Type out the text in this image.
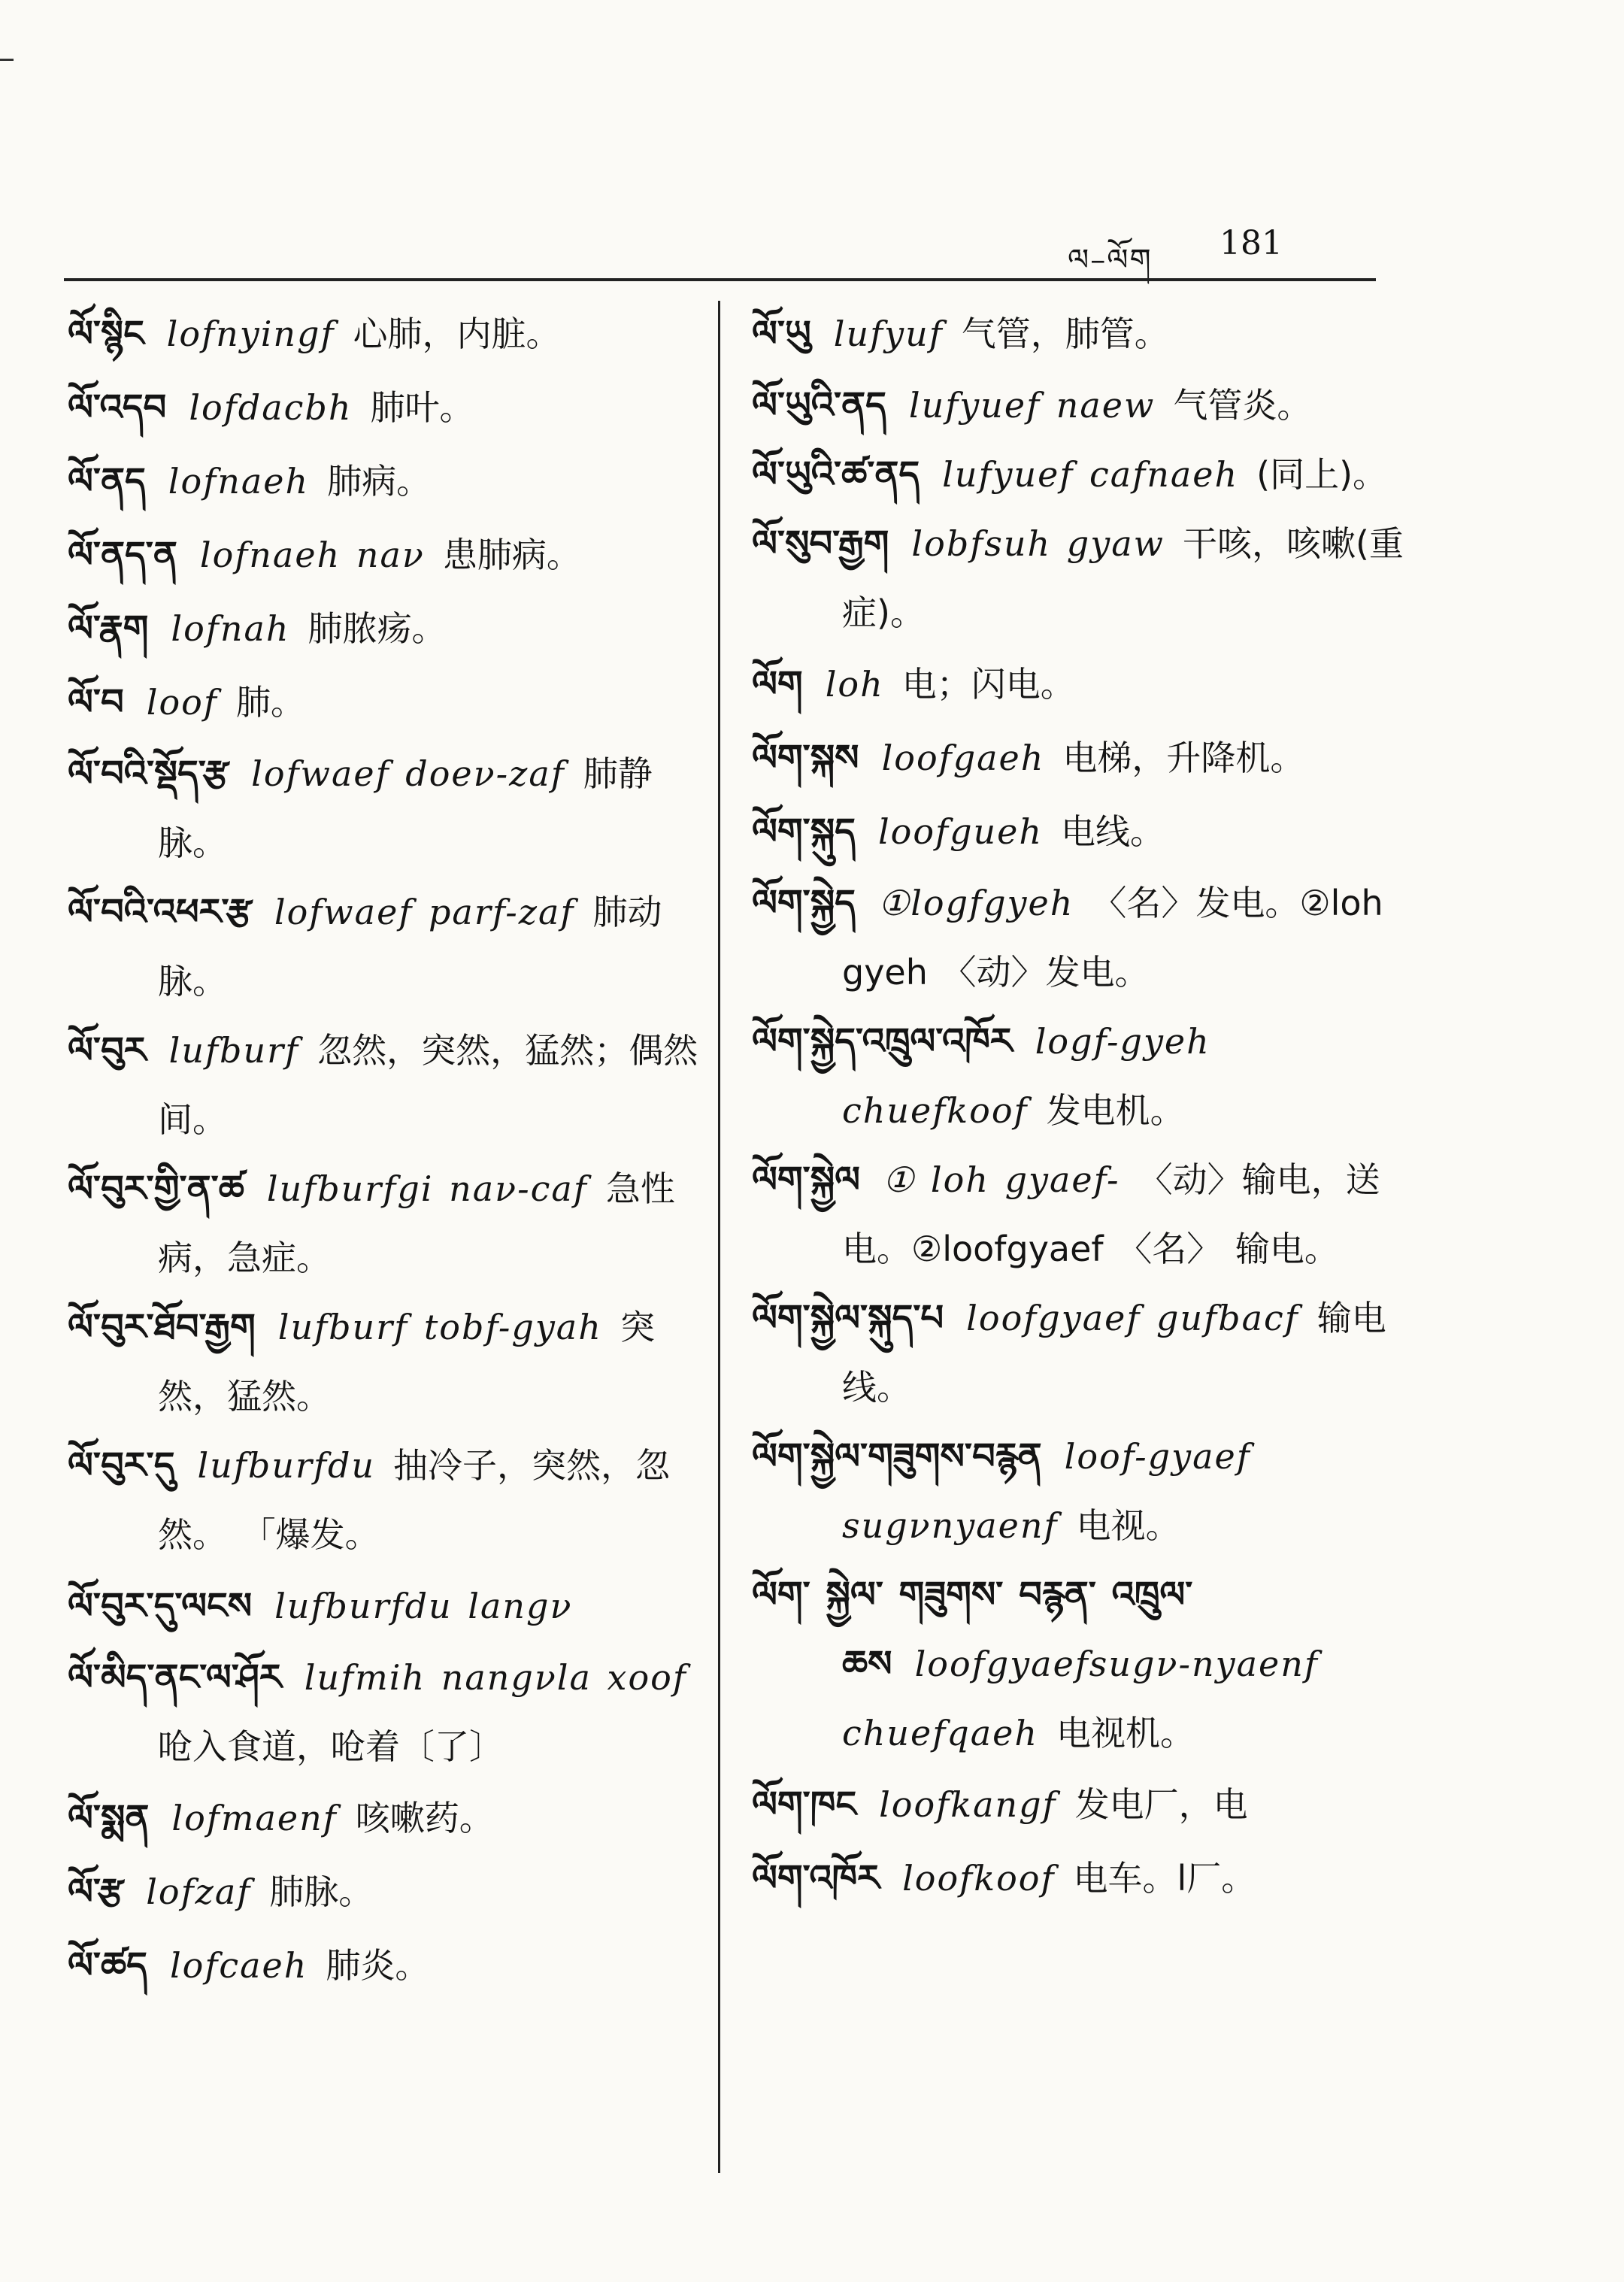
ལ–ལོག 181
ལོ་སྙིང lofnyingf 心肺，内脏。
ལོ་འདབ lofdacbh 肺叶。
ལོ་ནད lofnaeh 肺病。
ལོ་ནད་ན lofnaeh naν 患肺病。
ལོ་རྣག lofnah 肺脓疡。
ལོ་བ loof 肺。
ལོ་བའི་སྡོད་རྩ lofwaef doeν-zaf 肺静脉。
ལོ་བའི་འཕར་རྩ lofwaef parf-zaf 肺动脉。
ལོ་བུར lufburf 忽然，突然，猛然；偶然间。
ལོ་བུར་གྱི་ན་ཚ lufburfgi naν-caf 急性病，急症。
ལོ་བུར་ཐོབ་རྒྱག lufburf tobf-gyah 突然，猛然。
ལོ་བུར་དུ lufburfdu 抽冷子，突然，忽然。 「爆发。
ལོ་བུར་དུ་ལངས lufburfdu langν
ལོ་མིད་ནང་ལ་ཤོར lufmih nangνla xoof呛入食道，呛着〔了〕
ལོ་སྨན lofmaenf 咳嗽药。
ལོ་རྩ lofzaf 肺脉。
ལོ་ཚད lofcaeh 肺炎。
ལོ་ཡུ lufyuf 气管，肺管。
ལོ་ཡུའི་ནད lufyuef naew 气管炎。
ལོ་ཡུའི་ཚ་ནད lufyuef cafnaeh (同上)。
ལོ་སུབ་རྒྱག lobfsuh gyaw 干咳，咳嗽(重症)。
ལོག loh 电；闪电。
ལོག་སྐས loofgaeh 电梯，升降机。
ལོག་སྐུད loofgueh 电线。
ལོག་སྐྱེད ①logfgyeh 〈名〉发电。②loh gyeh 〈动〉发电。
ལོག་སྐྱེད་འཁྲུལ་འཁོར logf-gyeh chuefkoof 发电机。
ལོག་སྐྱེལ ① loh gyaef- 〈动〉输电，送电。②loofgyaef 〈名〉 输电。
ལོག་སྐྱེལ་སྐུད་པ loofgyaef gufbacf 输电线。
ལོག་སྐྱེལ་གཟུགས་བརྙན loof-gyaef sugνnyaenf 电视。
ལོག་ སྐྱེལ་ གཟུགས་ བརྙན་ འཁྲུལ་ཆས loofgyaefsugν-nyaenf chuefqaeh 电视机。
ལོག་ཁང loofkangf 发电厂，电
ལོག་འཁོར loofkoof 电车。l厂。
